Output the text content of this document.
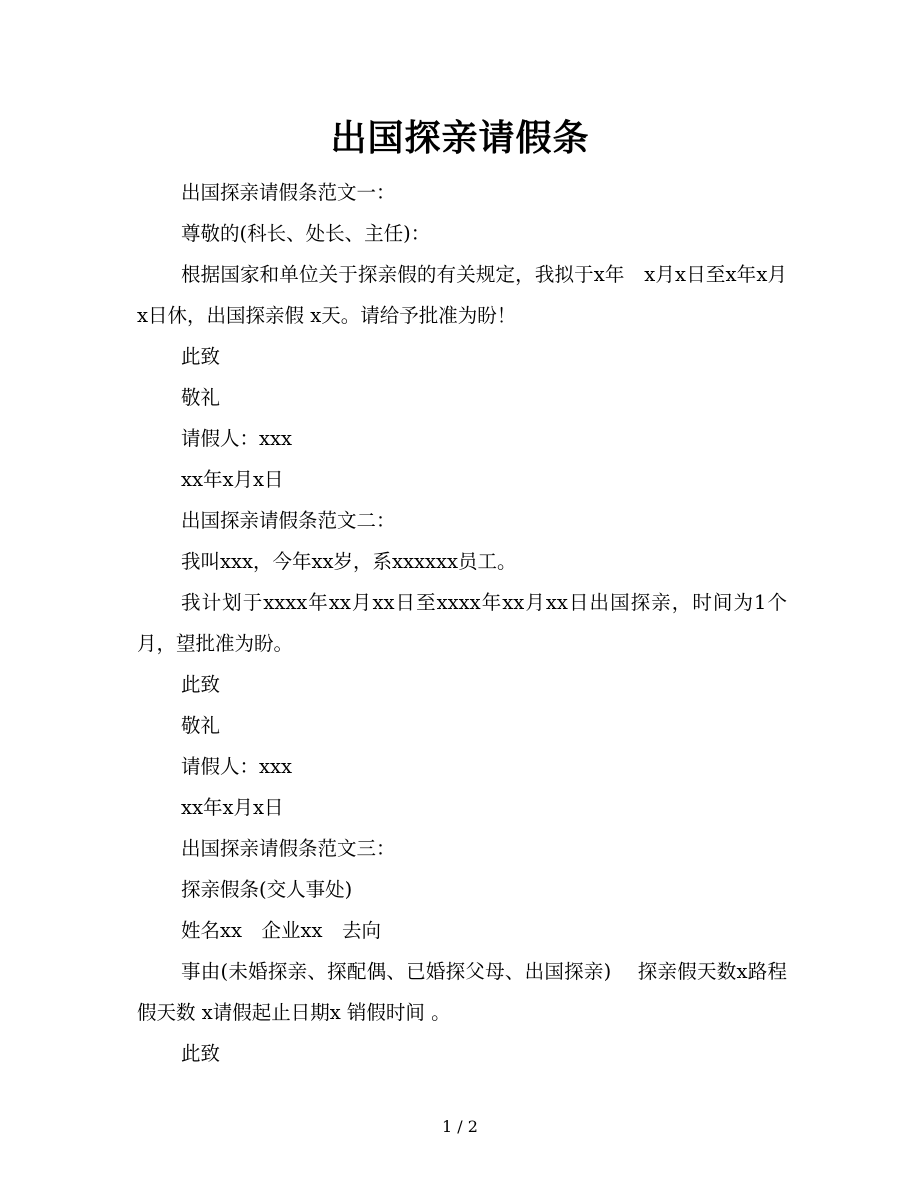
出国探亲请假条

出国探亲请假条范文一：

尊敬的(科长、处长、主任)：

根据国家和单位关于探亲假的有关规定，我拟于x年　x月x日至x年x月x日休，出国探亲假 x天。请给予批准为盼！

此致

敬礼

请假人：xxx

xx年x月x日

出国探亲请假条范文二：

我叫xxx，今年xx岁，系xxxxxx员工。

我计划于xxxx年xx月xx日至xxxx年xx月xx日出国探亲，时间为1个月，望批准为盼。

此致

敬礼

请假人：xxx

xx年x月x日

出国探亲请假条范文三：

探亲假条(交人事处)

姓名xx　企业xx　去向

事由(未婚探亲、探配偶、已婚探父母、出国探亲)　 探亲假天数x路程假天数 x请假起止日期x 销假时间 。

此致

1 / 2
